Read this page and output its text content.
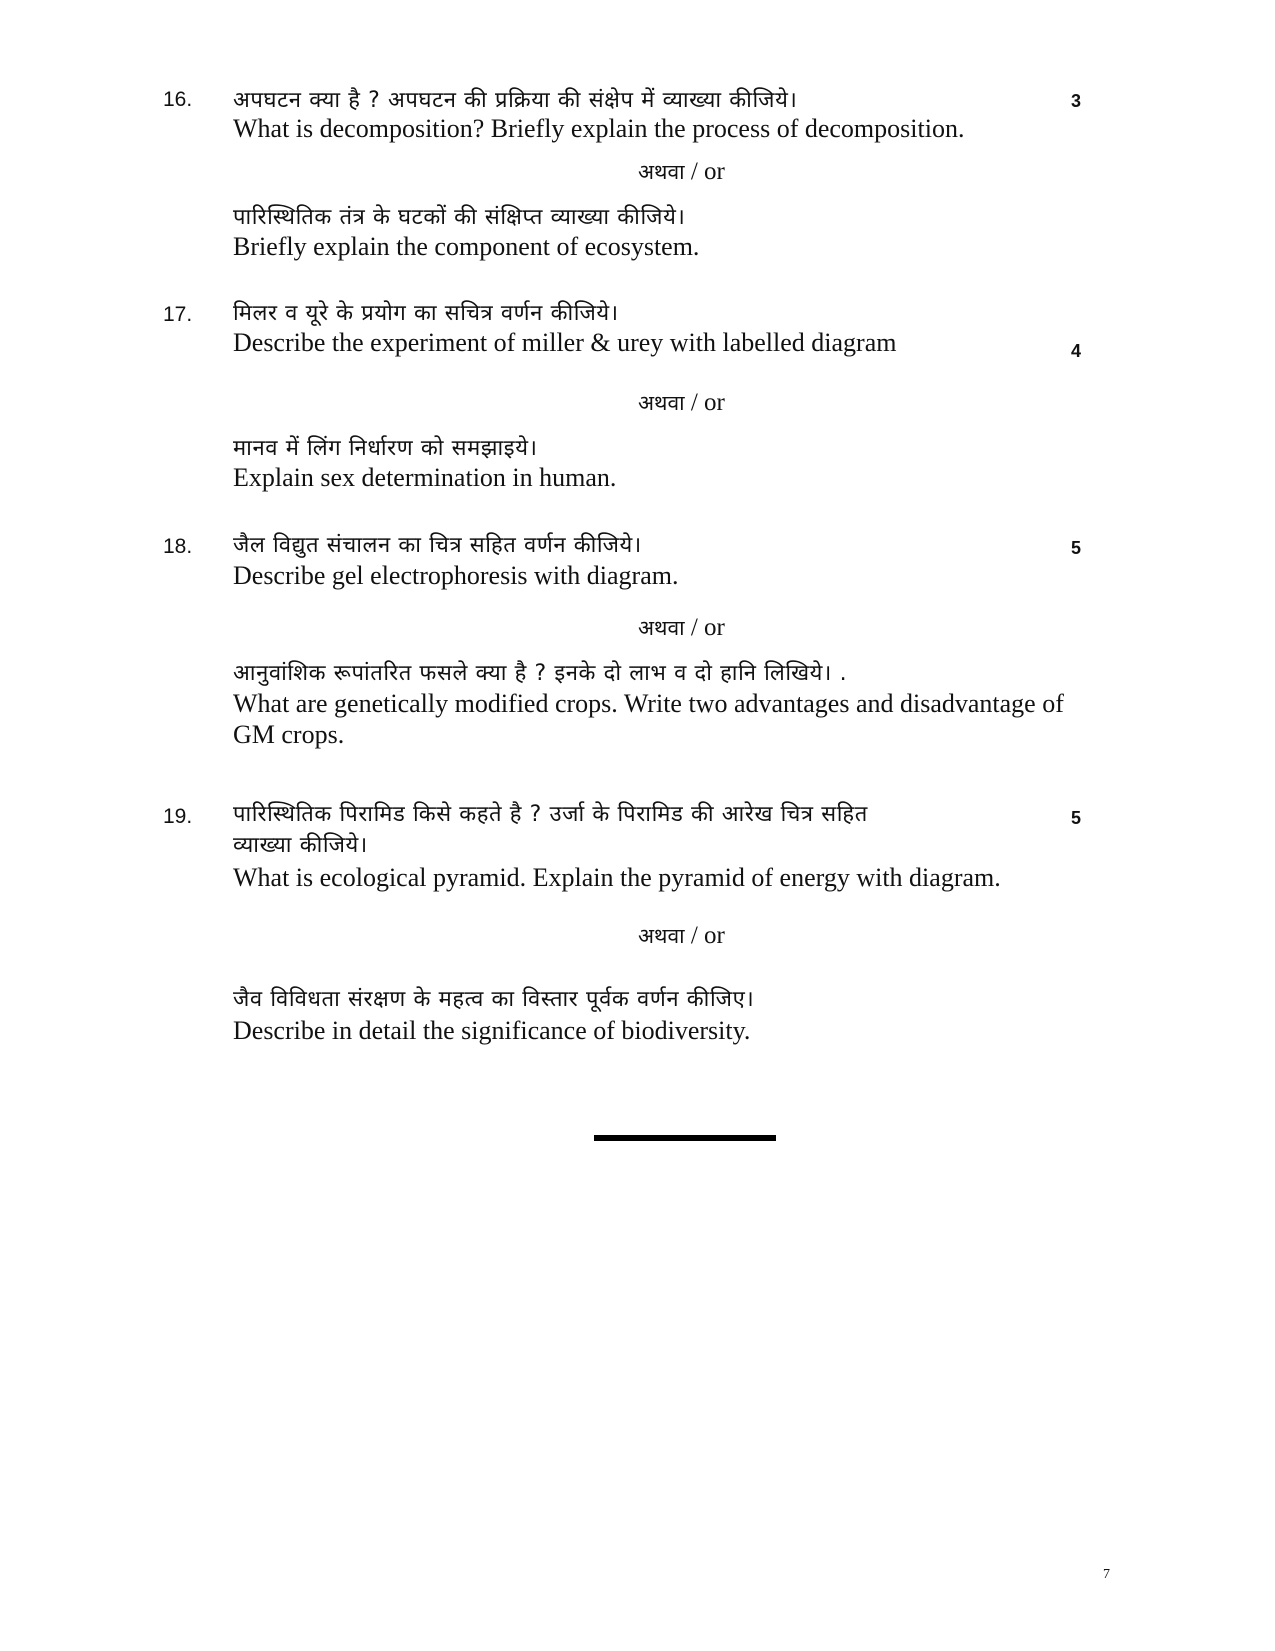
16. अपघटन क्या है ? अपघटन की प्रक्रिया की संक्षेप में व्याख्या कीजिये।	3
What is decomposition? Briefly explain the process of decomposition.
अथवा / or
पारिस्थितिक तंत्र के घटकों की संक्षिप्त व्याख्या कीजिये।
Briefly explain the component of ecosystem.
17. मिलर व यूरे के प्रयोग का सचित्र वर्णन कीजिये।
Describe the experiment of miller & urey with labelled diagram	4
अथवा / or
मानव में लिंग निर्धारण को समझाइये।
Explain sex determination in human.
18. जैल विद्युत संचालन का चित्र सहित वर्णन कीजिये।	5
Describe gel electrophoresis with diagram.
अथवा / or
आनुवांशिक रूपांतरित फसले क्या है ? इनके दो लाभ व दो हानि लिखिये। .
What are genetically modified crops. Write two advantages and disadvantage of
GM crops.
19. पारिस्थितिक पिरामिड किसे कहते है ? उर्जा के पिरामिड की आरेख चित्र सहित	5
व्याख्या कीजिये।
What is ecological pyramid. Explain the pyramid of energy with diagram.
अथवा / or
जैव विविधता संरक्षण के महत्व का विस्तार पूर्वक वर्णन कीजिए।
Describe in detail the significance of biodiversity.
7
